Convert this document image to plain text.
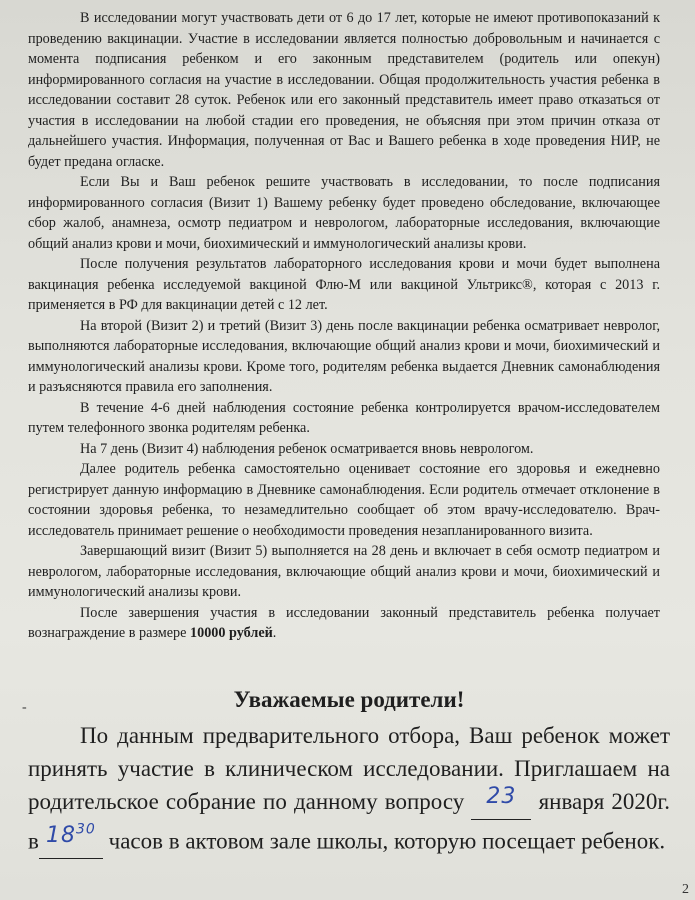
В исследовании могут участвовать дети от 6 до 17 лет, которые не имеют противопоказаний к проведению вакцинации. Участие в исследовании является полностью добровольным и начинается с момента подписания ребенком и его законным представителем (родитель или опекун) информированного согласия на участие в исследовании. Общая продолжительность участия ребенка в исследовании составит 28 суток. Ребенок или его законный представитель имеет право отказаться от участия в исследовании на любой стадии его проведения, не объясняя при этом причин отказа от дальнейшего участия. Информация, полученная от Вас и Вашего ребенка в ходе проведения НИР, не будет предана огласке.

Если Вы и Ваш ребенок решите участвовать в исследовании, то после подписания информированного согласия (Визит 1) Вашему ребенку будет проведено обследование, включающее сбор жалоб, анамнеза, осмотр педиатром и неврологом, лабораторные исследования, включающие общий анализ крови и мочи, биохимический и иммунологический анализы крови.

После получения результатов лабораторного исследования крови и мочи будет выполнена вакцинация ребенка исследуемой вакциной Флю-М или вакциной Ультрикс®, которая с 2013 г. применяется в РФ для вакцинации детей с 12 лет.

На второй (Визит 2) и третий (Визит 3) день после вакцинации ребенка осматривает невролог, выполняются лабораторные исследования, включающие общий анализ крови и мочи, биохимический и иммунологический анализы крови. Кроме того, родителям ребенка выдается Дневник самонаблюдения и разъясняются правила его заполнения.

В течение 4-6 дней наблюдения состояние ребенка контролируется врачом-исследователем путем телефонного звонка родителям ребенка.

На 7 день (Визит 4) наблюдения ребенок осматривается вновь неврологом.

Далее родитель ребенка самостоятельно оценивает состояние его здоровья и ежедневно регистрирует данную информацию в Дневнике самонаблюдения. Если родитель отмечает отклонение в состоянии здоровья ребенка, то незамедлительно сообщает об этом врачу-исследователю. Врач-исследователь принимает решение о необходимости проведения незапланированного визита.

Завершающий визит (Визит 5) выполняется на 28 день и включает в себя осмотр педиатром и неврологом, лабораторные исследования, включающие общий анализ крови и мочи, биохимический и иммунологический анализы крови.

После завершения участия в исследовании законный представитель ребенка получает вознаграждение в размере 10000 рублей.

-	Уважаемые родители!

По данным предварительного отбора, Ваш ребенок может принять участие в клиническом исследовании. Приглашаем на родительское собрание по данному вопросу 23 января 2020г. в $18^{30}$ часов в актовом зале школы, которую посещает ребенок.

2
